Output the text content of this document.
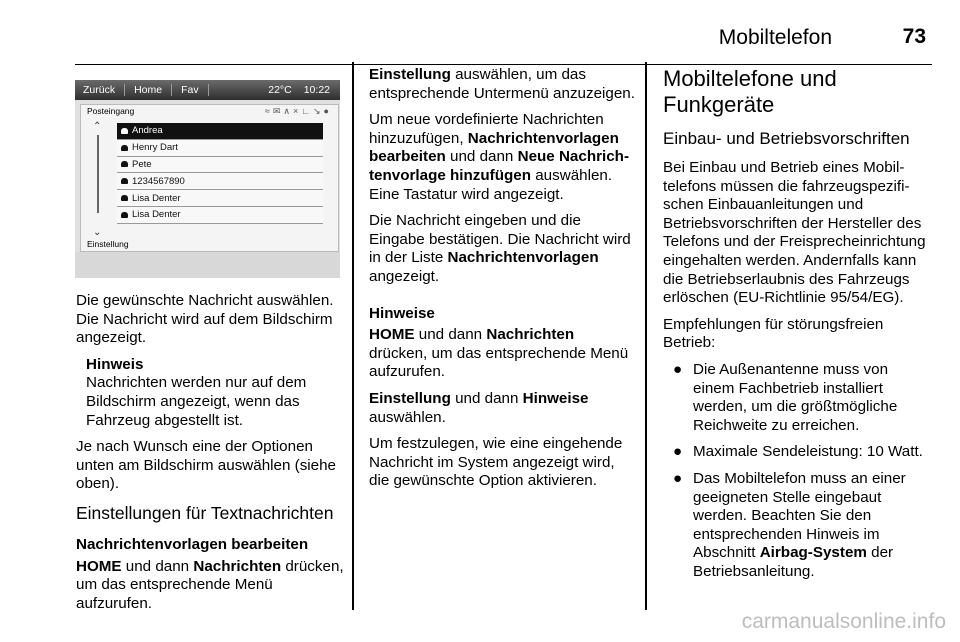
Mobiltelefon	73
Zurück Home Fav	22°C 10:22
Posteingang	≈✉∧×∟↘●
⌃
⌄
Andrea
Henry Dart
Pete
1234567890
Lisa Denter
Lisa Denter
Einstellung

Die gewünschte Nachricht auswählen. Die Nachricht wird auf dem Bildschirm angezeigt.

Hinweis
Nachrichten werden nur auf dem Bildschirm angezeigt, wenn das Fahrzeug abgestellt ist.

Je nach Wunsch eine der Optionen unten am Bildschirm auswählen (siehe oben).

Einstellungen für Textnachrichten
Nachrichtenvorlagen bearbeiten

HOME und dann Nachrichten drücken, um das entsprechende Menü aufzurufen.

Einstellung auswählen, um das entsprechende Untermenü anzuzeigen.

Um neue vordefinierte Nachrichten hinzuzufügen, Nachrichtenvorlagen bearbeiten und dann Neue Nachrichtenvorlage hinzufügen auswählen. Eine Tastatur wird angezeigt.

Die Nachricht eingeben und die Eingabe bestätigen. Die Nachricht wird in der Liste Nachrichtenvorlagen angezeigt.

Hinweise

HOME und dann Nachrichten drücken, um das entsprechende Menü aufzurufen.

Einstellung und dann Hinweise auswählen.

Um festzulegen, wie eine eingehende Nachricht im System angezeigt wird, die gewünschte Option aktivieren.

Mobiltelefone und Funkgeräte
Einbau- und Betriebsvorschriften

Bei Einbau und Betrieb eines Mobiltelefons müssen die fahrzeugspezifischen Einbauanleitungen und Betriebsvorschriften der Hersteller des Telefons und der Freisprecheinrichtung eingehalten werden. Andernfalls kann die Betriebserlaubnis des Fahrzeugs erlöschen (EU-Richtlinie 95/54/EG).

Empfehlungen für störungsfreien Betrieb:

● Die Außenantenne muss von einem Fachbetrieb installiert werden, um die größtmögliche Reichweite zu erreichen.
● Maximale Sendeleistung: 10 Watt.
● Das Mobiltelefon muss an einer geeigneten Stelle eingebaut werden. Beachten Sie den entsprechenden Hinweis im Abschnitt Airbag-System der Betriebsanleitung.
carmanualsonline.info
